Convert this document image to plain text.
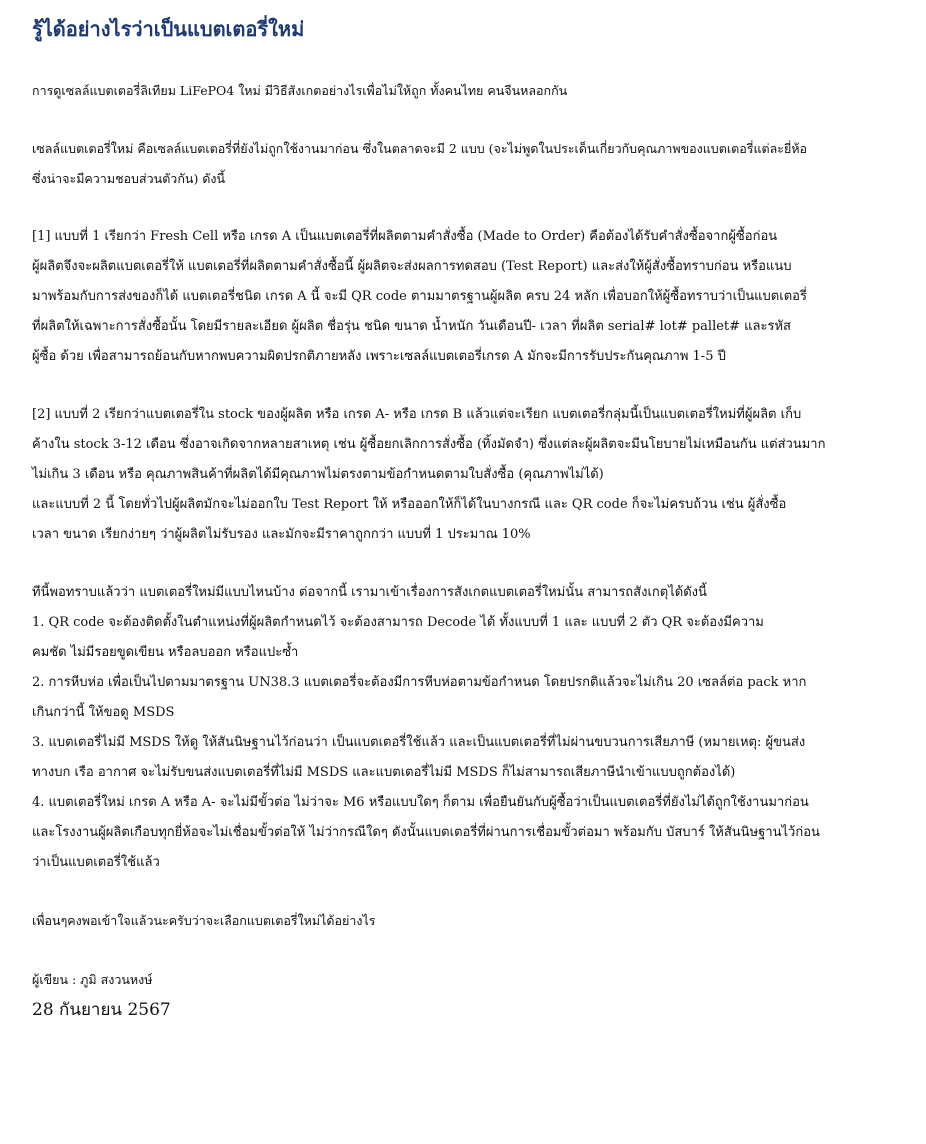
รู้ได้อย่างไรว่าเป็นแบตเตอรี่ใหม่

การดูเซลล์แบตเตอรี่ลิเทียม LiFePO4 ใหม่ มีวิธีสังเกตอย่างไรเพื่อไม่ให้ถูก ทั้งคนไทย คนจีนหลอกกัน

เซลล์แบตเตอรี่ใหม่ คือเซลล์แบตเตอรี่ที่ยังไม่ถูกใช้งานมาก่อน ซึ่งในตลาดจะมี 2 แบบ (จะไม่พูดในประเด็นเกี่ยวกับคุณภาพของแบตเตอรี่แต่ละยี่ห้อ
ซึ่งน่าจะมีความชอบส่วนตัวกัน) ดังนี้
[1] แบบที่ 1 เรียกว่า Fresh Cell หรือ เกรด A เป็นแบตเตอรี่ที่ผลิตตามคำสั่งซื้อ (Made to Order) คือต้องได้รับคำสั่งซื้อจากผู้ซื้อก่อน
ผู้ผลิตจึงจะผลิตแบตเตอรี่ให้ แบตเตอรี่ที่ผลิตตามคำสั่งซื้อนี้ ผู้ผลิตจะส่งผลการทดสอบ (Test Report) และส่งให้ผู้สั่งซื้อทราบก่อน หรือแนบ
มาพร้อมกับการส่งของก็ได้ แบตเตอรี่ชนิด เกรด A นี้ จะมี QR code ตามมาตรฐานผู้ผลิต ครบ 24 หลัก เพื่อบอกให้ผู้ซื้อทราบว่าเป็นแบตเตอรี่
ที่ผลิตให้เฉพาะการสั่งซื้อนั้น โดยมีรายละเอียด ผู้ผลิต ชื่อรุ่น ชนิด ขนาด น้ำหนัก วันเดือนปี- เวลา ที่ผลิต serial# lot# pallet# และรหัส
ผู้ซื้อ ด้วย เพื่อสามารถย้อนกับหากพบความผิดปรกติภายหลัง เพราะเซลล์แบตเตอรี่เกรด A มักจะมีการรับประกันคุณภาพ 1-5 ปี
[2] แบบที่ 2 เรียกว่าแบตเตอรี่ใน stock ของผู้ผลิต หรือ เกรด A- หรือ เกรด B แล้วแต่จะเรียก แบตเตอรี่กลุ่มนี้เป็นแบตเตอรี่ใหม่ที่ผู้ผลิต เก็บ
ค้างใน stock 3-12 เดือน ซึ่งอาจเกิดจากหลายสาเหตุ เช่น ผู้ซื้อยกเลิกการสั่งซื้อ (ทิ้งมัดจำ) ซึ่งแต่ละผู้ผลิตจะมีนโยบายไม่เหมือนกัน แต่ส่วนมาก
ไม่เกิน 3 เดือน หรือ คุณภาพสินค้าที่ผลิตได้มีคุณภาพไม่ตรงตามข้อกำหนดตามใบสั่งซื้อ (คุณภาพไม่ได้)
และแบบที่ 2 นี้ โดยทั่วไปผู้ผลิตมักจะไม่ออกใบ Test Report ให้ หรือออกให้ก็ได้ในบางกรณี และ QR code ก็จะไม่ครบถ้วน เช่น ผู้สั่งซื้อ
เวลา ขนาด เรียกง่ายๆ ว่าผู้ผลิตไม่รับรอง และมักจะมีราคาถูกกว่า แบบที่ 1 ประมาณ 10%
ทีนี้พอทราบแล้วว่า แบตเตอรี่ใหม่มีแบบไหนบ้าง ต่อจากนี้ เรามาเข้าเรื่องการสังเกตแบตเตอรี่ใหม่นั้น สามารถสังเกตุได้ดังนี้
1. QR code จะต้องติดตั้งในตำแหน่งที่ผู้ผลิตกำหนดไว้ จะต้องสามารถ Decode ได้ ทั้งแบบที่ 1 และ แบบที่ 2 ตัว QR จะต้องมีความ
คมชัด ไม่มีรอยขูดเขียน หรือลบออก หรือแปะซ้ำ
2. การหีบห่อ เพื่อเป็นไปตามมาตรฐาน UN38.3 แบตเตอรี่จะต้องมีการหีบห่อตามข้อกำหนด โดยปรกติแล้วจะไม่เกิน 20 เซลล์ต่อ pack หาก
เกินกว่านี้ ให้ขอดู MSDS
3. แบตเตอรี่ไม่มี MSDS ให้ดู ให้สันนิษฐานไว้ก่อนว่า เป็นแบตเตอรี่ใช้แล้ว และเป็นแบตเตอรี่ที่ไม่ผ่านขบวนการเสียภาษี (หมายเหตุ: ผู้ขนส่ง
ทางบก เรือ อากาศ จะไม่รับขนส่งแบตเตอรี่ที่ไม่มี MSDS และแบตเตอรี่ไม่มี MSDS ก็ไม่สามารถเสียภาษีนำเข้าแบบถูกต้องได้)
4. แบตเตอรี่ใหม่ เกรด A หรือ A- จะไม่มีขั้วต่อ ไม่ว่าจะ M6 หรือแบบใดๆ ก็ตาม เพื่อยืนยันกับผู้ซื้อว่าเป็นแบตเตอรี่ที่ยังไม่ได้ถูกใช้งานมาก่อน
และโรงงานผู้ผลิตเกือบทุกยี่ห้อจะไม่เชื่อมขั้วต่อให้ ไม่ว่ากรณีใดๆ ดังนั้นแบตเตอรี่ที่ผ่านการเชื่อมขั้วต่อมา พร้อมกับ บัสบาร์ ให้สันนิษฐานไว้ก่อน
ว่าเป็นแบตเตอรี่ใช้แล้ว

เพื่อนๆคงพอเข้าใจแล้วนะครับว่าจะเลือกแบตเตอรี่ใหม่ได้อย่างไร

ผู้เขียน : ภูมิ สงวนหงษ์

28 กันยายน 2567
